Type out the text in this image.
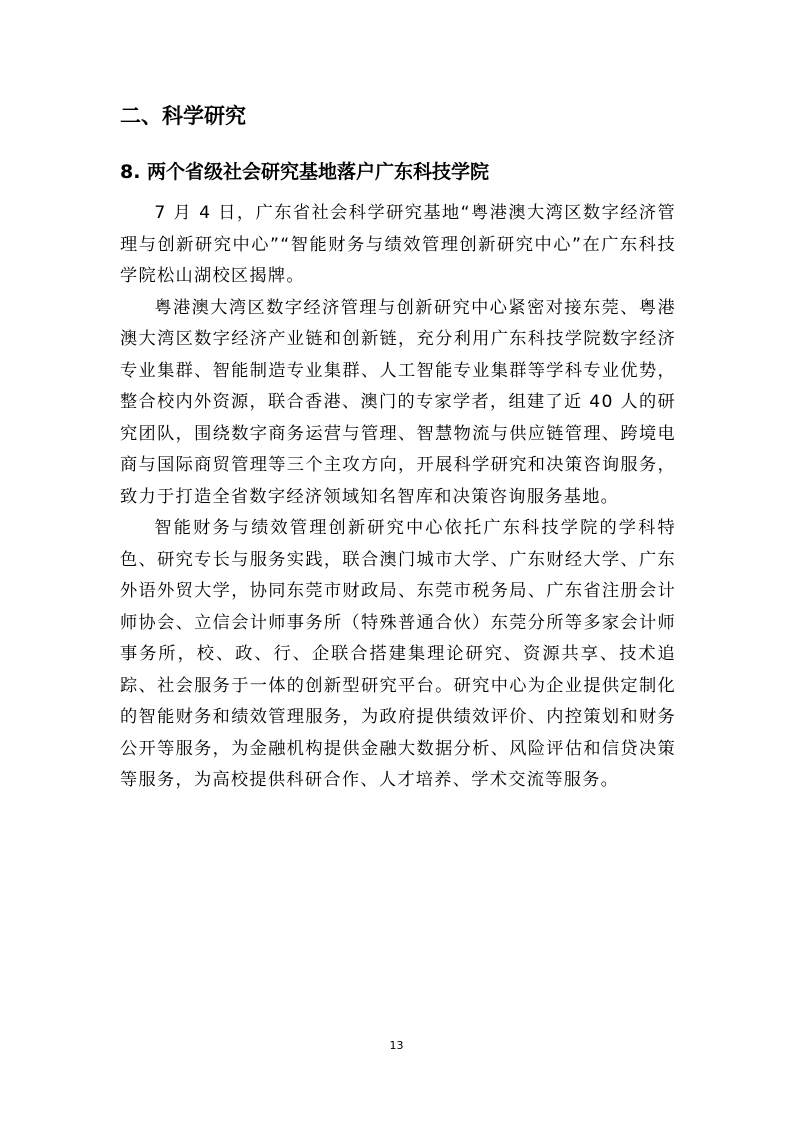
二、科学研究
8. 两个省级社会研究基地落户广东科技学院

7 月 4 日，广东省社会科学研究基地“粤港澳大湾区数字经济管理与创新研究中心”“智能财务与绩效管理创新研究中心”在广东科技学院松山湖校区揭牌。

粤港澳大湾区数字经济管理与创新研究中心紧密对接东莞、粤港澳大湾区数字经济产业链和创新链，充分利用广东科技学院数字经济专业集群、智能制造专业集群、人工智能专业集群等学科专业优势，整合校内外资源，联合香港、澳门的专家学者，组建了近 40 人的研究团队，围绕数字商务运营与管理、智慧物流与供应链管理、跨境电商与国际商贸管理等三个主攻方向，开展科学研究和决策咨询服务，致力于打造全省数字经济领域知名智库和决策咨询服务基地。

智能财务与绩效管理创新研究中心依托广东科技学院的学科特色、研究专长与服务实践，联合澳门城市大学、广东财经大学、广东外语外贸大学，协同东莞市财政局、东莞市税务局、广东省注册会计师协会、立信会计师事务所（特殊普通合伙）东莞分所等多家会计师事务所，校、政、行、企联合搭建集理论研究、资源共享、技术追踪、社会服务于一体的创新型研究平台。研究中心为企业提供定制化的智能财务和绩效管理服务，为政府提供绩效评价、内控策划和财务公开等服务，为金融机构提供金融大数据分析、风险评估和信贷决策等服务，为高校提供科研合作、人才培养、学术交流等服务。

13
